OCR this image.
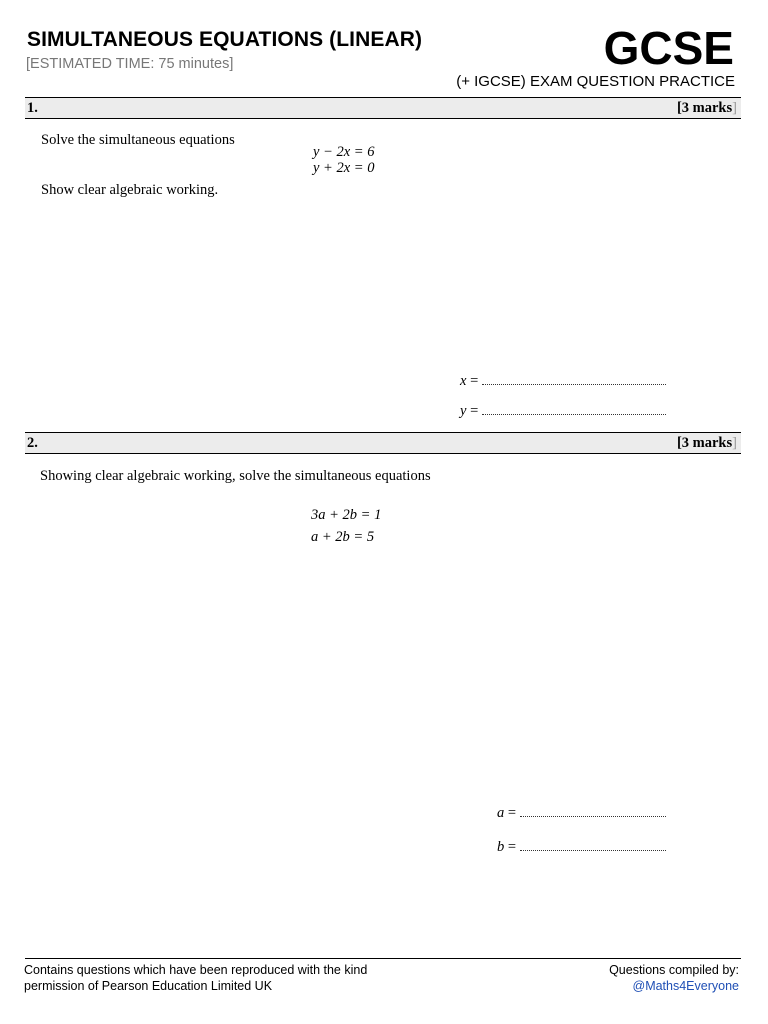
SIMULTANEOUS EQUATIONS (LINEAR)
[ESTIMATED TIME: 75 minutes]	GCSE
(+ IGCSE) EXAM QUESTION PRACTICE
1.	[3 marks]
Solve the simultaneous equations
y − 2x = 6
y + 2x = 0
Show clear algebraic working.
x =
y =
2.	[3 marks]
Showing clear algebraic working, solve the simultaneous equations
3a + 2b = 1
a + 2b = 5
a =
b =
Contains questions which have been reproduced with the kind
permission of Pearson Education Limited UK
Questions compiled by:
@Maths4Everyone
